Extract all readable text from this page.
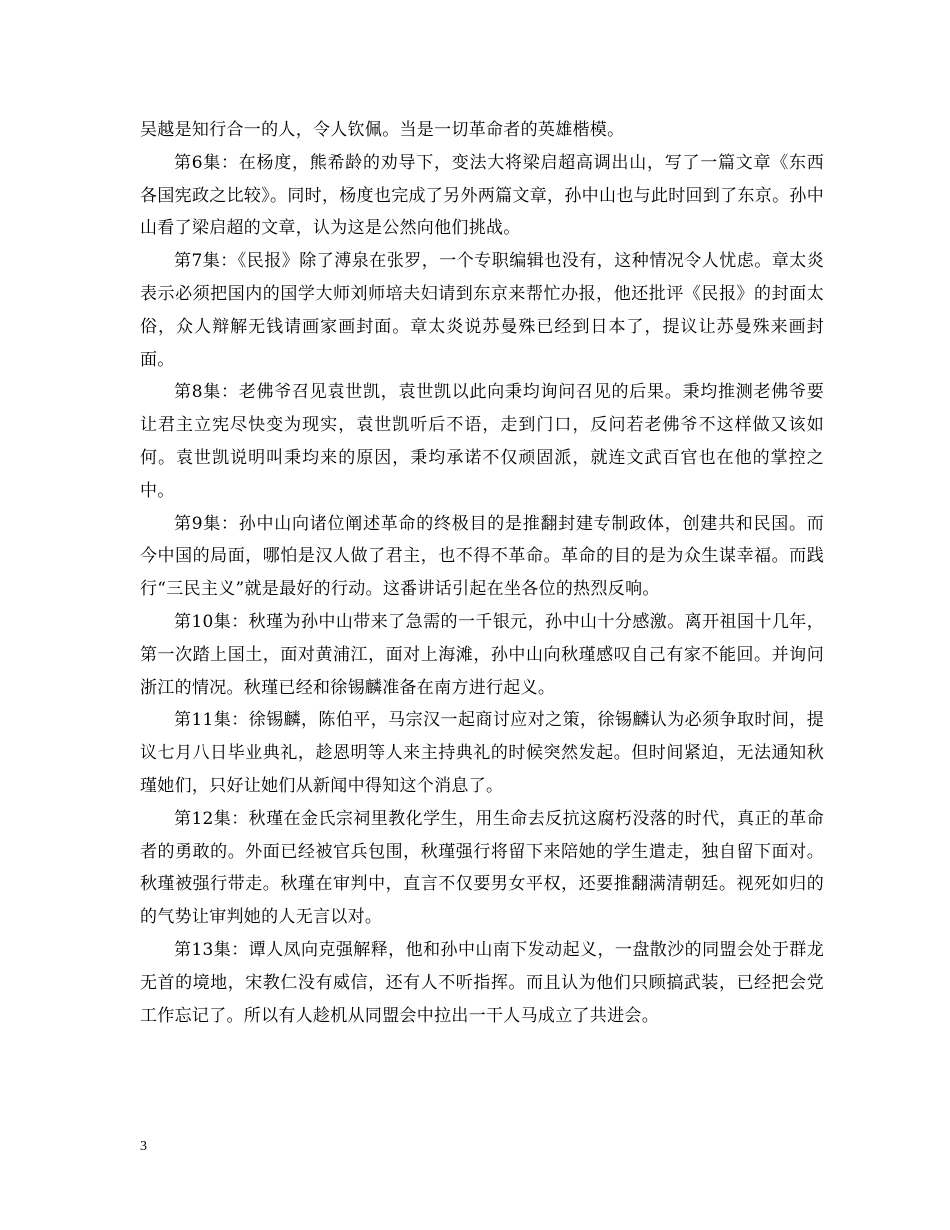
吴越是知行合一的人，令人钦佩。当是一切革命者的英雄楷模。

第6集：在杨度，熊希龄的劝导下，变法大将梁启超高调出山，写了一篇文章《东西各国宪政之比较》。同时，杨度也完成了另外两篇文章，孙中山也与此时回到了东京。孙中山看了梁启超的文章，认为这是公然向他们挑战。

第7集：《民报》除了溥泉在张罗，一个专职编辑也没有，这种情况令人忧虑。章太炎表示必须把国内的国学大师刘师培夫妇请到东京来帮忙办报，他还批评《民报》的封面太俗，众人辩解无钱请画家画封面。章太炎说苏曼殊已经到日本了，提议让苏曼殊来画封面。

第8集：老佛爷召见袁世凯，袁世凯以此向秉均询问召见的后果。秉均推测老佛爷要让君主立宪尽快变为现实，袁世凯听后不语，走到门口，反问若老佛爷不这样做又该如何。袁世凯说明叫秉均来的原因，秉均承诺不仅顽固派，就连文武百官也在他的掌控之中。

第9集：孙中山向诸位阐述革命的终极目的是推翻封建专制政体，创建共和民国。而今中国的局面，哪怕是汉人做了君主，也不得不革命。革命的目的是为众生谋幸福。而践行“三民主义”就是最好的行动。这番讲话引起在坐各位的热烈反响。

第10集：秋瑾为孙中山带来了急需的一千银元，孙中山十分感激。离开祖国十几年，第一次踏上国土，面对黄浦江，面对上海滩，孙中山向秋瑾感叹自己有家不能回。并询问浙江的情况。秋瑾已经和徐锡麟准备在南方进行起义。

第11集：徐锡麟，陈伯平，马宗汉一起商讨应对之策，徐锡麟认为必须争取时间，提议七月八日毕业典礼，趁恩明等人来主持典礼的时候突然发起。但时间紧迫，无法通知秋瑾她们，只好让她们从新闻中得知这个消息了。

第12集：秋瑾在金氏宗祠里教化学生，用生命去反抗这腐朽没落的时代，真正的革命者的勇敢的。外面已经被官兵包围，秋瑾强行将留下来陪她的学生遣走，独自留下面对。秋瑾被强行带走。秋瑾在审判中，直言不仅要男女平权，还要推翻满清朝廷。视死如归的的气势让审判她的人无言以对。

第13集：谭人凤向克强解释，他和孙中山南下发动起义，一盘散沙的同盟会处于群龙无首的境地，宋教仁没有威信，还有人不听指挥。而且认为他们只顾搞武装，已经把会党工作忘记了。所以有人趁机从同盟会中拉出一干人马成立了共进会。

3
